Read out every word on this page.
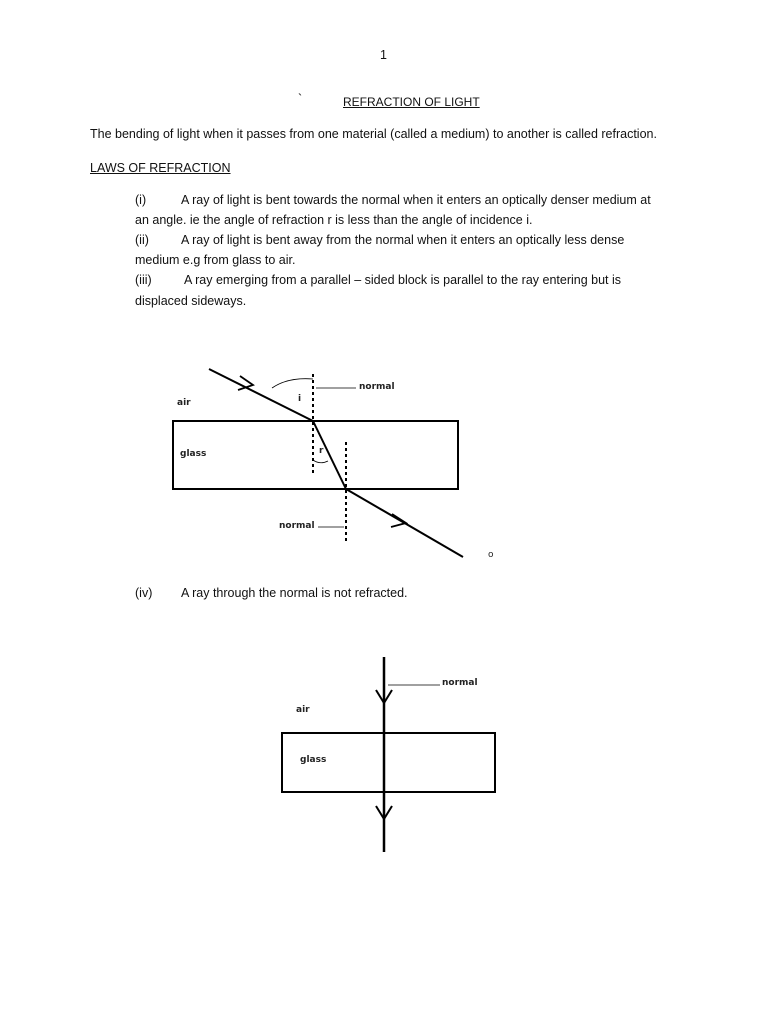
1
`	REFRACTION OF LIGHT
The bending of light when it passes from one material (called a medium) to another is called refraction.
LAWS OF REFRACTION
(i)	A ray of light is bent towards the normal when it enters an optically denser medium at
an angle. ie the angle of refraction r is less than the angle of incidence i.
(ii)	A ray of light is bent away from the normal when it enters an optically less dense
medium e.g from glass to air.
(iii)	A ray emerging from a parallel – sided block is parallel to the ray entering but is
displaced sideways.
(iv) A ray through the normal is not refracted.
normal
air	i
glass	r
normal
o
normal
air
glass
